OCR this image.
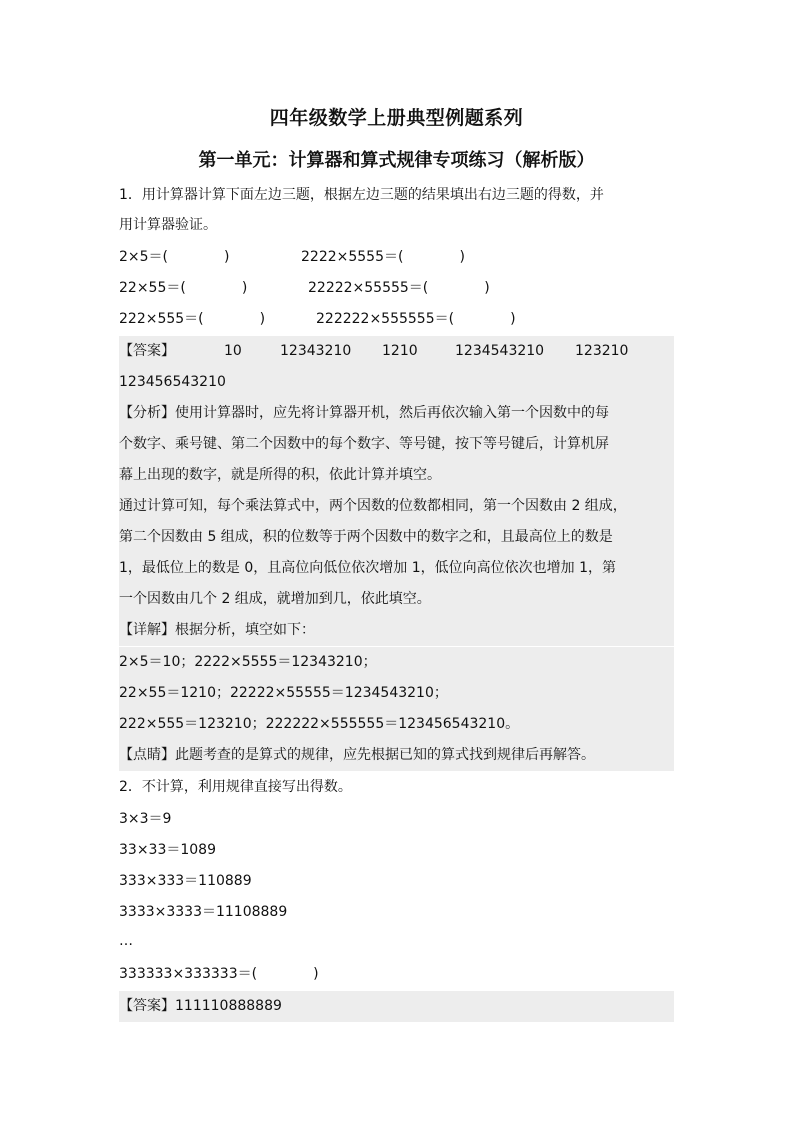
四年级数学上册典型例题系列
第一单元：计算器和算式规律专项练习（解析版）
1．用计算器计算下面左边三题，根据左边三题的结果填出右边三题的得数，并
用计算器验证。
2×5＝(　　　　)	2222×5555＝(　　　　)
22×55＝(　　　　)	22222×55555＝(　　　　)
222×555＝(　　　　)	222222×555555＝(　　　　)
【答案】	10	12343210 1210	1234543210 123210
123456543210
【分析】使用计算器时，应先将计算器开机，然后再依次输入第一个因数中的每
个数字、乘号键、第二个因数中的每个数字、等号键，按下等号键后，计算机屏
幕上出现的数字，就是所得的积，依此计算并填空。
通过计算可知，每个乘法算式中，两个因数的位数都相同，第一个因数由 2 组成，
第二个因数由 5 组成，积的位数等于两个因数中的数字之和，且最高位上的数是
1，最低位上的数是 0，且高位向低位依次增加 1，低位向高位依次也增加 1，第
一个因数由几个 2 组成，就增加到几，依此填空。
【详解】根据分析，填空如下：
2×5＝10；2222×5555＝12343210；
22×55＝1210；22222×55555＝1234543210；
222×555＝123210；222222×555555＝123456543210。
【点睛】此题考查的是算式的规律，应先根据已知的算式找到规律后再解答。
2．不计算，利用规律直接写出得数。
3×3＝9
33×33＝1089
333×333＝110889
3333×3333＝11108889
…
333333×333333＝(　　　　)
【答案】111110888889
